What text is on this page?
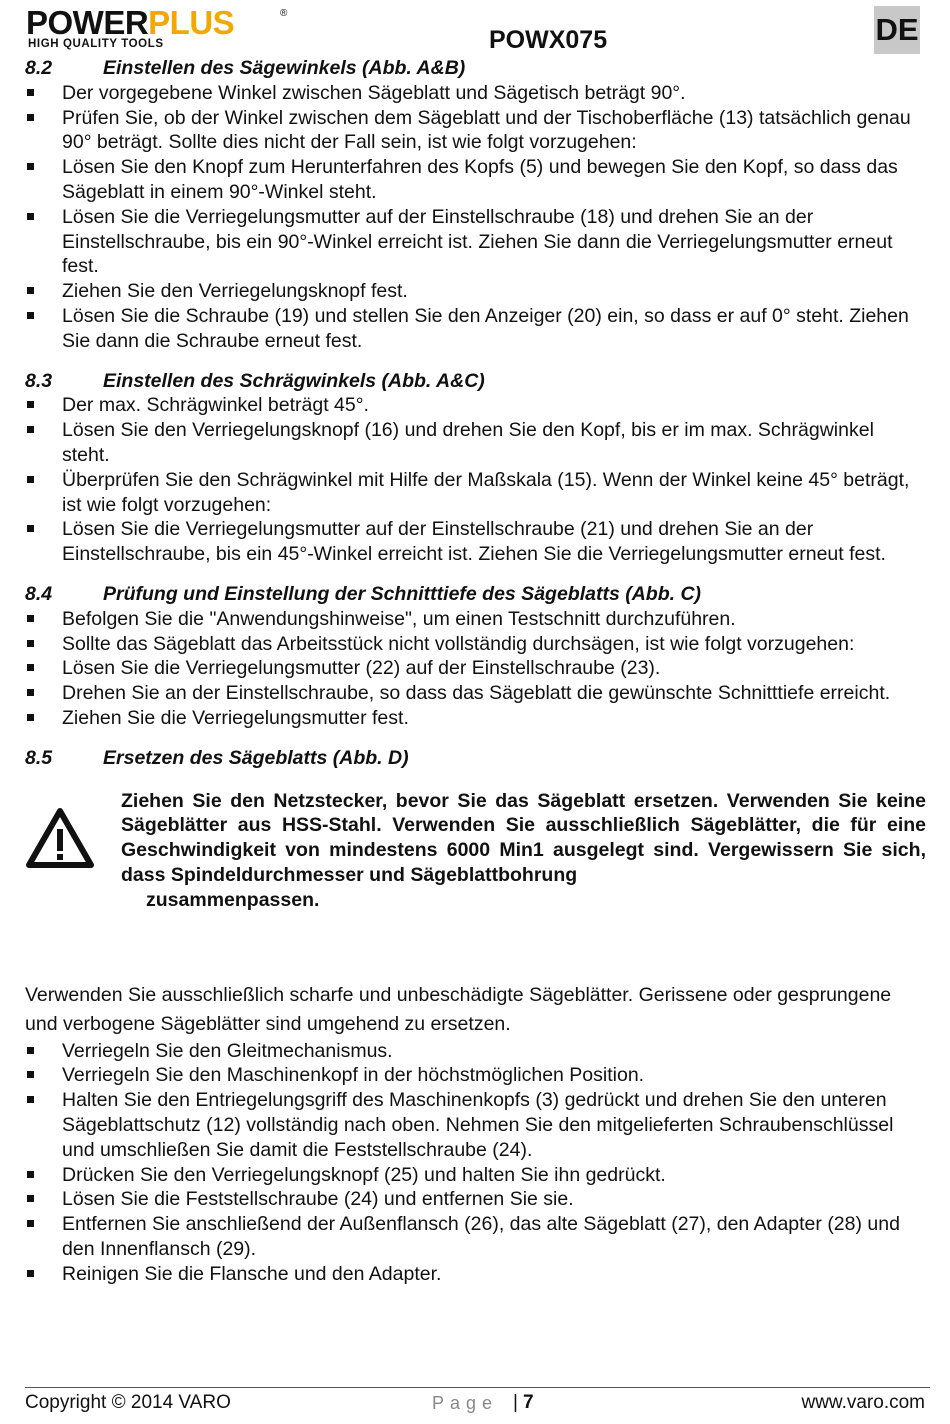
POWERPLUS	®
HIGH QUALITY TOOLS	POWX075	DE
8.2	Einstellen des Sägewinkels (Abb. A&B)
Der vorgegebene Winkel zwischen Sägeblatt und Sägetisch beträgt 90°.
Prüfen Sie, ob der Winkel zwischen dem Sägeblatt und der Tischoberfläche (13) tatsächlich genau 90° beträgt. Sollte dies nicht der Fall sein, ist wie folgt vorzugehen:
Lösen Sie den Knopf zum Herunterfahren des Kopfs (5) und bewegen Sie den Kopf, so dass das Sägeblatt in einem 90°-Winkel steht.
Lösen Sie die Verriegelungsmutter auf der Einstellschraube (18) und drehen Sie an der Einstellschraube, bis ein 90°-Winkel erreicht ist. Ziehen Sie dann die Verriegelungsmutter erneut fest.
Ziehen Sie den Verriegelungsknopf fest.
Lösen Sie die Schraube (19) und stellen Sie den Anzeiger (20) ein, so dass er auf 0° steht. Ziehen Sie dann die Schraube erneut fest.
8.3	Einstellen des Schrägwinkels (Abb. A&C)
Der max. Schrägwinkel beträgt 45°.
Lösen Sie den Verriegelungsknopf (16) und drehen Sie den Kopf, bis er im max. Schrägwinkel steht.
Überprüfen Sie den Schrägwinkel mit Hilfe der Maßskala (15). Wenn der Winkel keine 45° beträgt, ist wie folgt vorzugehen:
Lösen Sie die Verriegelungsmutter auf der Einstellschraube (21) und drehen Sie an der Einstellschraube, bis ein 45°-Winkel erreicht ist. Ziehen Sie die Verriegelungsmutter erneut fest.
8.4	Prüfung und Einstellung der Schnitttiefe des Sägeblatts (Abb. C)
Befolgen Sie die "Anwendungshinweise", um einen Testschnitt durchzuführen.
Sollte das Sägeblatt das Arbeitsstück nicht vollständig durchsägen, ist wie folgt vorzugehen:
Lösen Sie die Verriegelungsmutter (22) auf der Einstellschraube (23).
Drehen Sie an der Einstellschraube, so dass das Sägeblatt die gewünschte Schnitttiefe erreicht.
Ziehen Sie die Verriegelungsmutter fest.
8.5	Ersetzen des Sägeblatts (Abb. D)
Ziehen Sie den Netzstecker, bevor Sie das Sägeblatt ersetzen. Verwenden Sie keine Sägeblätter aus HSS-Stahl. Verwenden Sie ausschließlich Sägeblätter, die für eine Geschwindigkeit von mindestens 6000 Min1 ausgelegt sind. Vergewissern Sie sich, dass Spindeldurchmesser und Sägeblattbohrung
zusammenpassen.

Verwenden Sie ausschließlich scharfe und unbeschädigte Sägeblätter. Gerissene oder gesprungene und verbogene Sägeblätter sind umgehend zu ersetzen.

Verriegeln Sie den Gleitmechanismus.
Verriegeln Sie den Maschinenkopf in der höchstmöglichen Position.
Halten Sie den Entriegelungsgriff des Maschinenkopfs (3) gedrückt und drehen Sie den unteren Sägeblattschutz (12) vollständig nach oben. Nehmen Sie den mitgelieferten Schraubenschlüssel und umschließen Sie damit die Feststellschraube (24).
Drücken Sie den Verriegelungsknopf (25) und halten Sie ihn gedrückt.
Lösen Sie die Feststellschraube (24) und entfernen Sie sie.
Entfernen Sie anschließend der Außenflansch (26), das alte Sägeblatt (27), den Adapter (28) und den Innenflansch (29).
Reinigen Sie die Flansche und den Adapter.
Copyright © 2014 VARO	Page | 7	www.varo.com
